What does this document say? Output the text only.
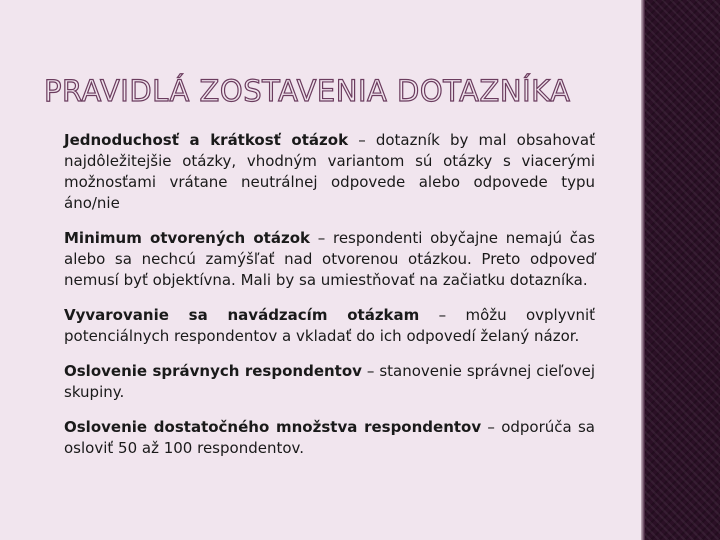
PRAVIDLÁ ZOSTAVENIA DOTAZNÍKA
Jednoduchosť a krátkosť otázok – dotazník by mal obsahovať najdôležitejšie otázky, vhodným variantom sú otázky s viacerými možnosťami vrátane neutrálnej odpovede alebo odpovede typu áno/nie
Minimum otvorených otázok – respondenti obyčajne nemajú čas alebo sa nechcú zamýšľať nad otvorenou otázkou. Preto odpoveď nemusí byť objektívna. Mali by sa umiestňovať na začiatku dotazníka.
Vyvarovanie sa navádzacím otázkam – môžu ovplyvniť potenciálnych respondentov a vkladať do ich odpovedí želaný názor.
Oslovenie správnych respondentov – stanovenie správnej cieľovej skupiny.
Oslovenie dostatočného množstva respondentov – odporúča sa osloviť 50 až 100 respondentov.
